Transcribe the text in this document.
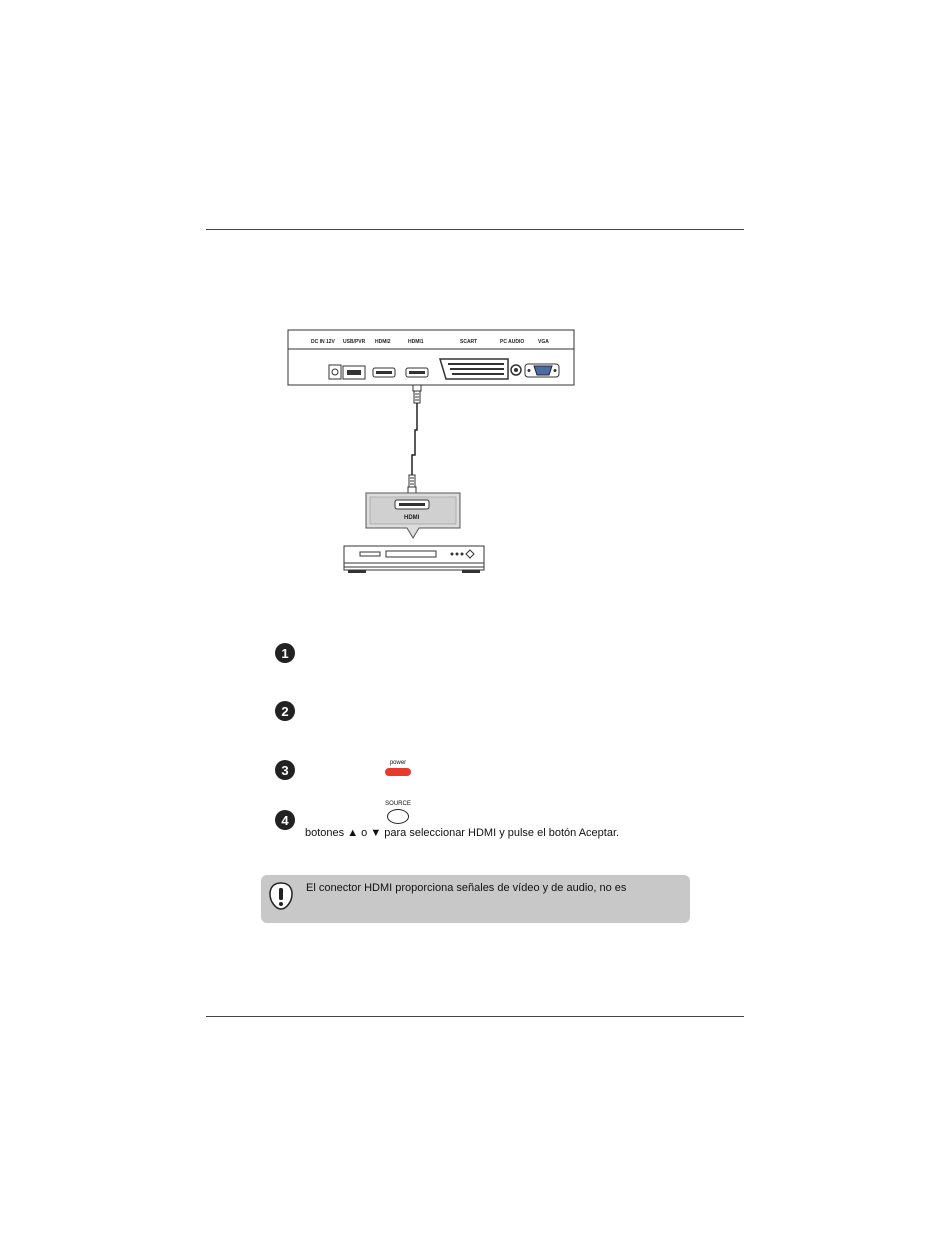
DC IN 12V USB/PVR HDMI2	HDMI1	SCART	PC AUDIO	VGA
HDMI
1
2
3	power
4
SOURCE
botones ▲ o ▼ para seleccionar HDMI y pulse el botón Aceptar.
El conector HDMI proporciona señales de vídeo y de audio, no es
